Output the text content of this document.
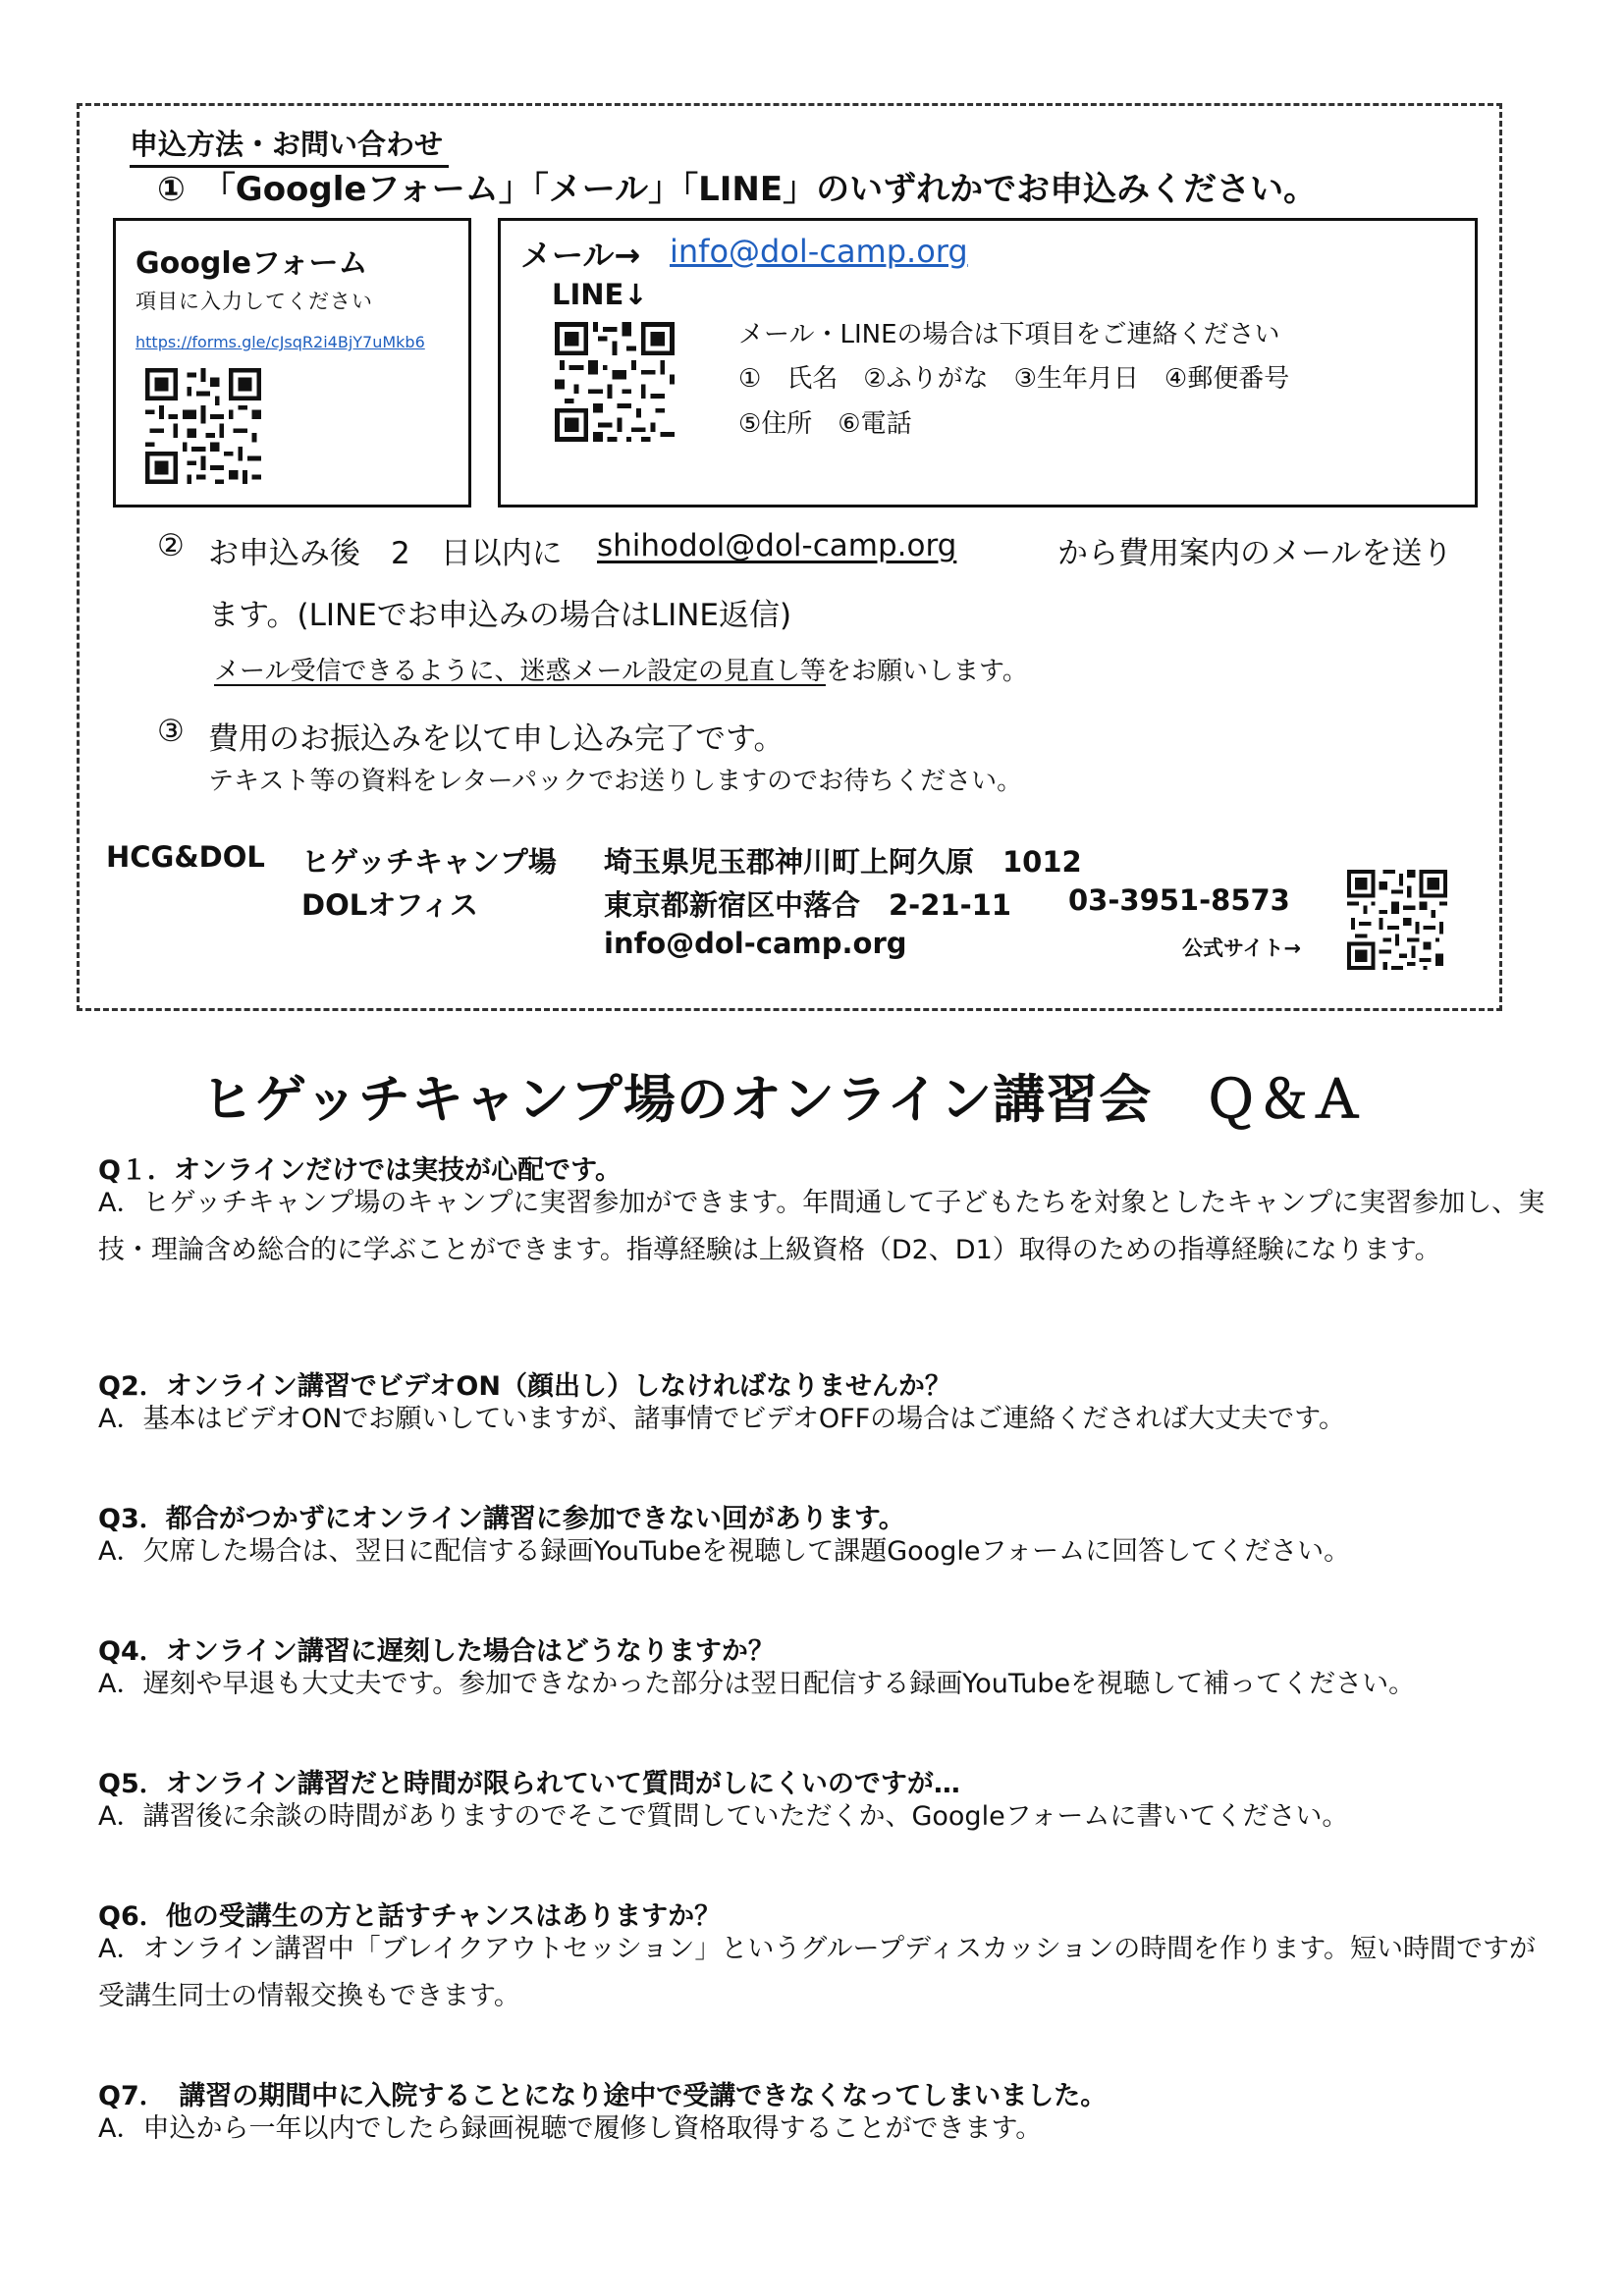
申込方法・お問い合わせ
①　「Googleフォーム」「メール」「LINE」のいずれかでお申込みください。
Googleフォーム
項目に入力してください
https://forms.gle/cJsqR2i4BjY7uMkb6
メール→ info@dol-camp.org
LINE↓
メール・LINEの場合は下項目をご連絡ください
①　氏名　②ふりがな　③生年月日　④郵便番号
⑤住所　⑥電話
② お申込み後　2　日以内に shihodol@dol-camp.org	から費用案内のメールを送り
ます。(LINEでお申込みの場合はLINE返信)
メール受信できるように、迷惑メール設定の見直し等をお願いします。
③ 費用のお振込みを以て申し込み完了です。
テキスト等の資料をレターパックでお送りしますのでお待ちください。
HCG&DOL ヒゲッチキャンプ場 埼玉県児玉郡神川町上阿久原　1012
DOLオフィス	東京都新宿区中落合　2-21-11 03-3951-8573
info@dol-camp.org	公式サイト→
ヒゲッチキャンプ場のオンライン講習会　Ｑ＆Ａ
Q１．オンラインだけでは実技が心配です。
A．ヒゲッチキャンプ場のキャンプに実習参加ができます。年間通して子どもたちを対象としたキャンプに実習参加し、実技・理論含め総合的に学ぶことができます。指導経験は上級資格（D2、D1）取得のための指導経験になります。
Q2．オンライン講習でビデオON（顔出し）しなければなりませんか？
A．基本はビデオONでお願いしていますが、諸事情でビデオOFFの場合はご連絡くだされば大丈夫です。
Q3．都合がつかずにオンライン講習に参加できない回があります。
A．欠席した場合は、翌日に配信する録画YouTubeを視聴して課題Googleフォームに回答してください。
Q4．オンライン講習に遅刻した場合はどうなりますか？
A．遅刻や早退も大丈夫です。参加できなかった部分は翌日配信する録画YouTubeを視聴して補ってください。
Q5．オンライン講習だと時間が限られていて質問がしにくいのですが…
A．講習後に余談の時間がありますのでそこで質問していただくか、Googleフォームに書いてください。
Q6．他の受講生の方と話すチャンスはありますか？
A．オンライン講習中「ブレイクアウトセッション」というグループディスカッションの時間を作ります。短い時間ですが受講生同士の情報交換もできます。
Q7．　講習の期間中に入院することになり途中で受講できなくなってしまいました。
A．申込から一年以内でしたら録画視聴で履修し資格取得することができます。
